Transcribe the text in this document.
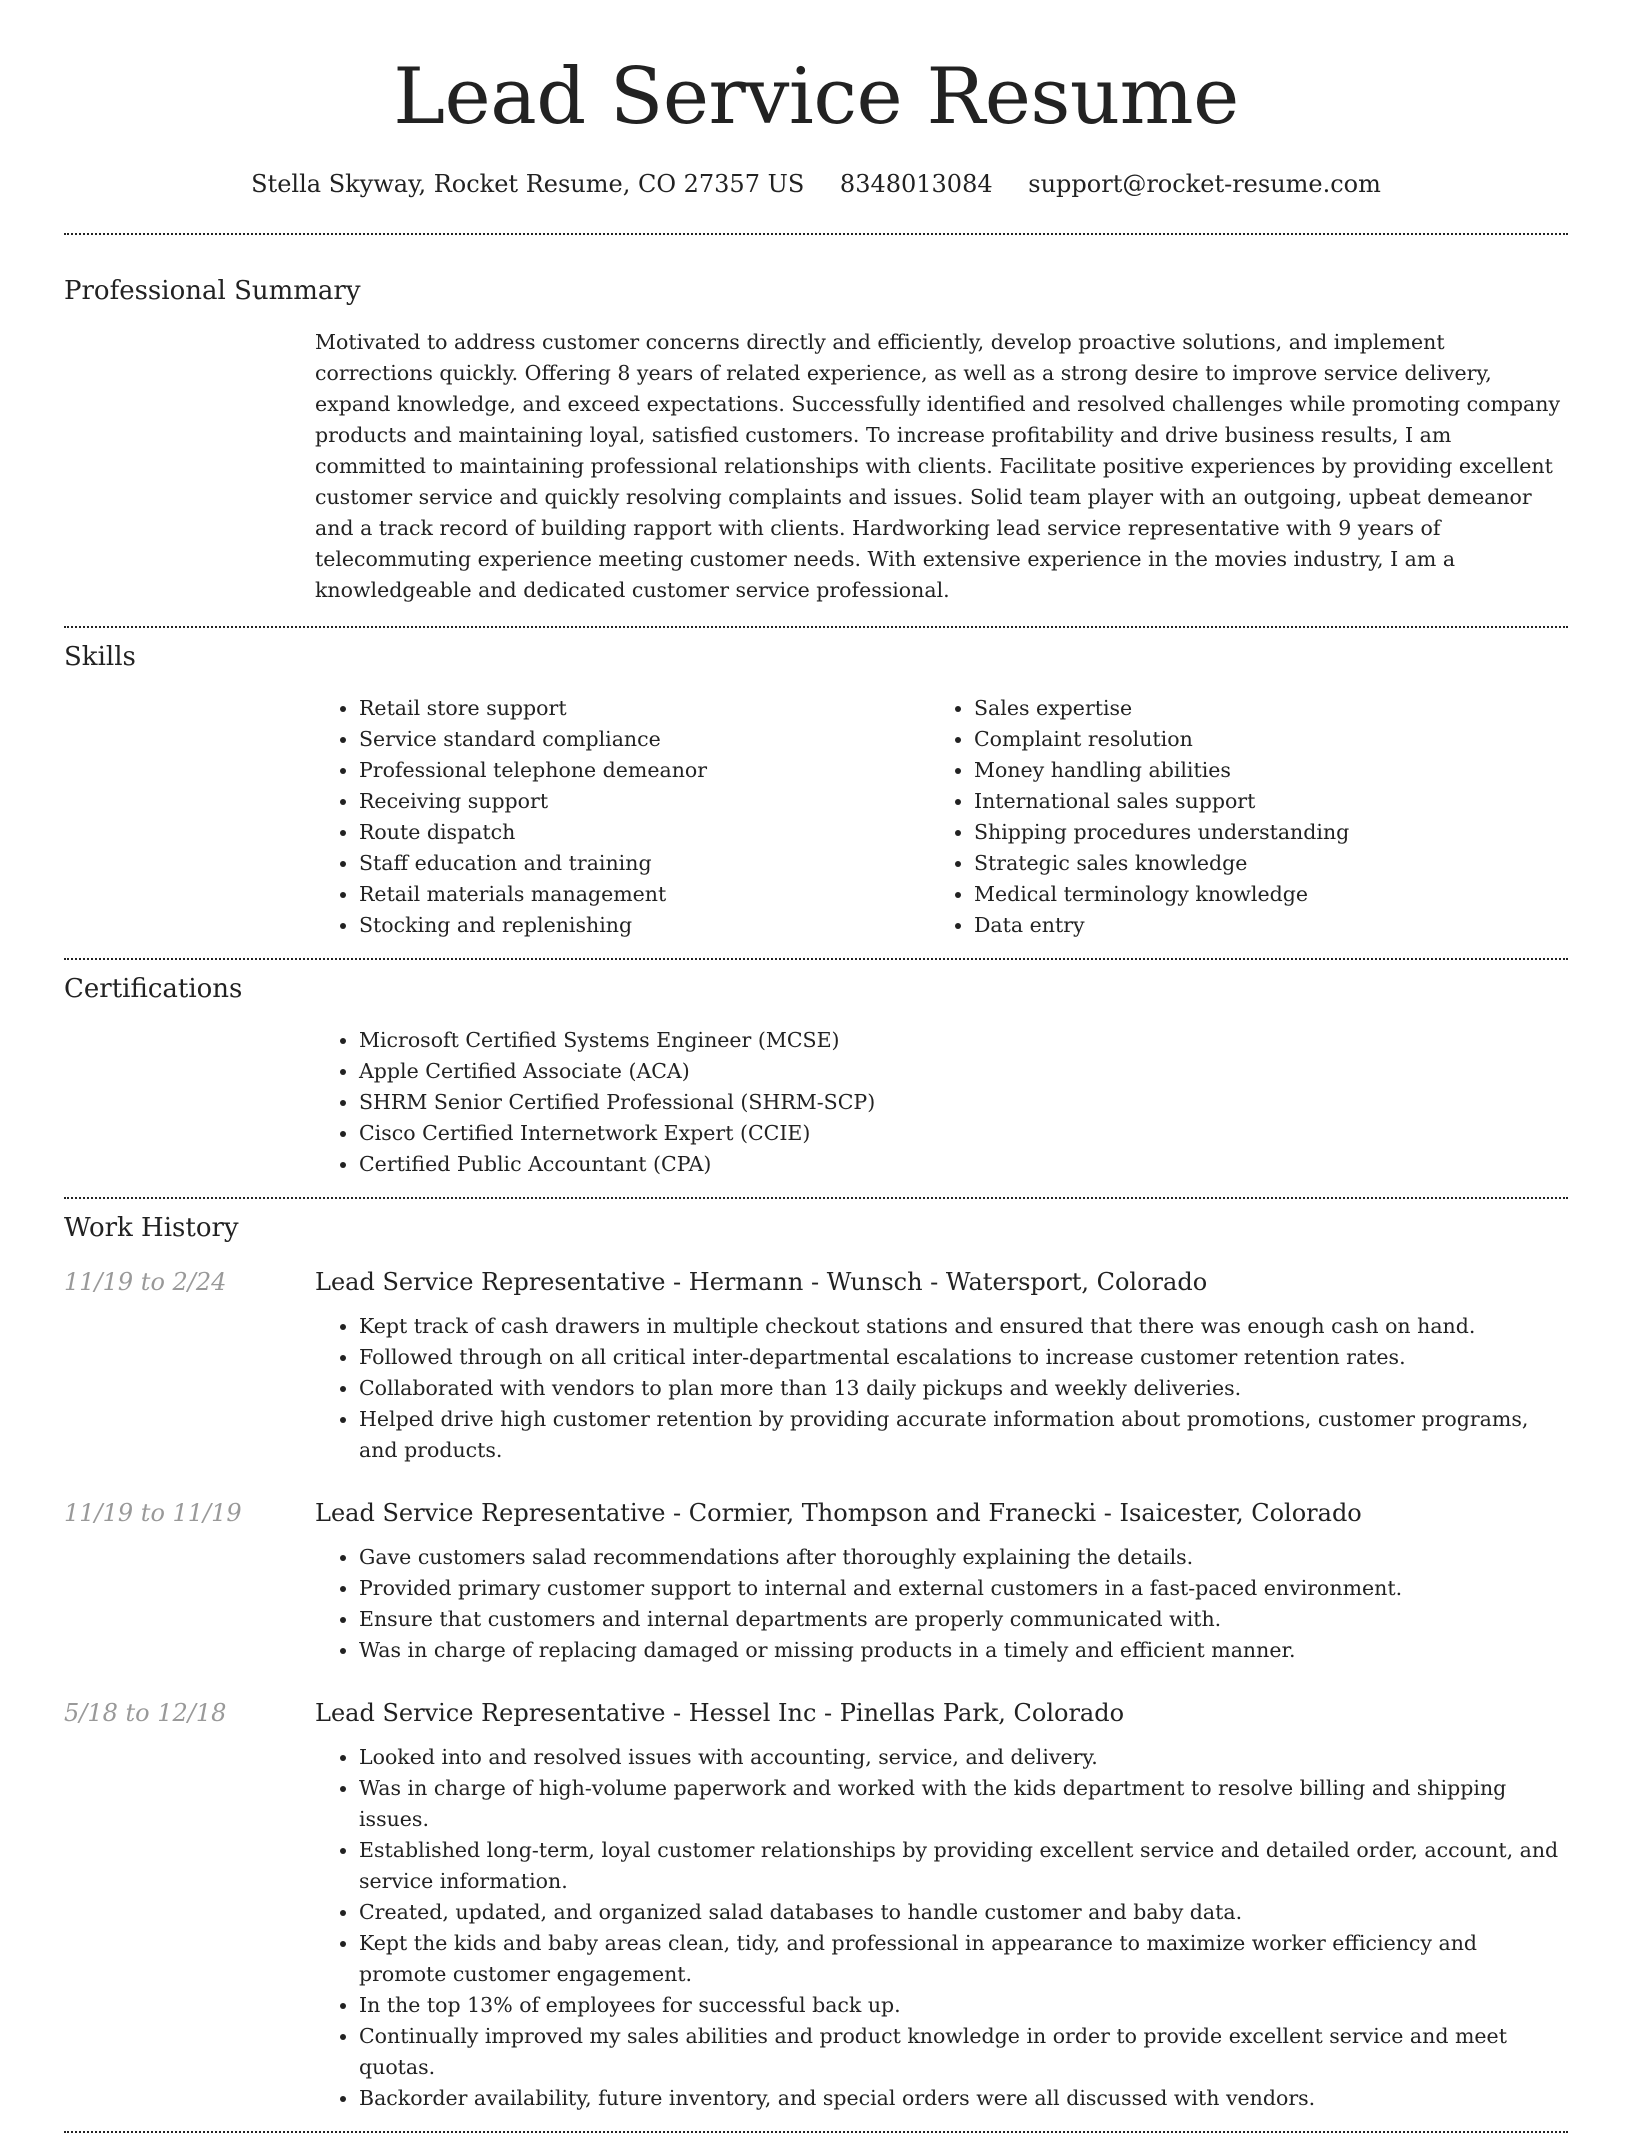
Lead Service Resume
Stella Skyway, Rocket Resume, CO 27357 US 8348013084 support@rocket-resume.com
Professional Summary
Motivated to address customer concerns directly and efficiently, develop proactive solutions, and implement corrections quickly. Offering 8 years of related experience, as well as a strong desire to improve service delivery, expand knowledge, and exceed expectations. Successfully identified and resolved challenges while promoting company products and maintaining loyal, satisfied customers. To increase profitability and drive business results, I am committed to maintaining professional relationships with clients. Facilitate positive experiences by providing excellent customer service and quickly resolving complaints and issues. Solid team player with an outgoing, upbeat demeanor and a track record of building rapport with clients. Hardworking lead service representative with 9 years of telecommuting experience meeting customer needs. With extensive experience in the movies industry, I am a knowledgeable and dedicated customer service professional.
Skills
• Retail store support
• Service standard compliance
• Professional telephone demeanor
• Receiving support
• Route dispatch
• Staff education and training
• Retail materials management
• Stocking and replenishing
• Sales expertise
• Complaint resolution
• Money handling abilities
• International sales support
• Shipping procedures understanding
• Strategic sales knowledge
• Medical terminology knowledge
• Data entry
Certifications
• Microsoft Certified Systems Engineer (MCSE)
• Apple Certified Associate (ACA)
• SHRM Senior Certified Professional (SHRM-SCP)
• Cisco Certified Internetwork Expert (CCIE)
• Certified Public Accountant (CPA)
Work History
11/19 to 2/24	Lead Service Representative - Hermann - Wunsch - Watersport, Colorado
• Kept track of cash drawers in multiple checkout stations and ensured that there was enough cash on hand.
• Followed through on all critical inter-departmental escalations to increase customer retention rates.
• Collaborated with vendors to plan more than 13 daily pickups and weekly deliveries.
• Helped drive high customer retention by providing accurate information about promotions, customer programs, and products.
11/19 to 11/19	Lead Service Representative - Cormier, Thompson and Franecki - Isaicester, Colorado
• Gave customers salad recommendations after thoroughly explaining the details.
• Provided primary customer support to internal and external customers in a fast-paced environment.
• Ensure that customers and internal departments are properly communicated with.
• Was in charge of replacing damaged or missing products in a timely and efficient manner.
5/18 to 12/18	Lead Service Representative - Hessel Inc - Pinellas Park, Colorado
• Looked into and resolved issues with accounting, service, and delivery.
• Was in charge of high-volume paperwork and worked with the kids department to resolve billing and shipping issues.
• Established long-term, loyal customer relationships by providing excellent service and detailed order, account, and service information.
• Created, updated, and organized salad databases to handle customer and baby data.
• Kept the kids and baby areas clean, tidy, and professional in appearance to maximize worker efficiency and promote customer engagement.
• In the top 13% of employees for successful back up.
• Continually improved my sales abilities and product knowledge in order to provide excellent service and meet quotas.
• Backorder availability, future inventory, and special orders were all discussed with vendors.
